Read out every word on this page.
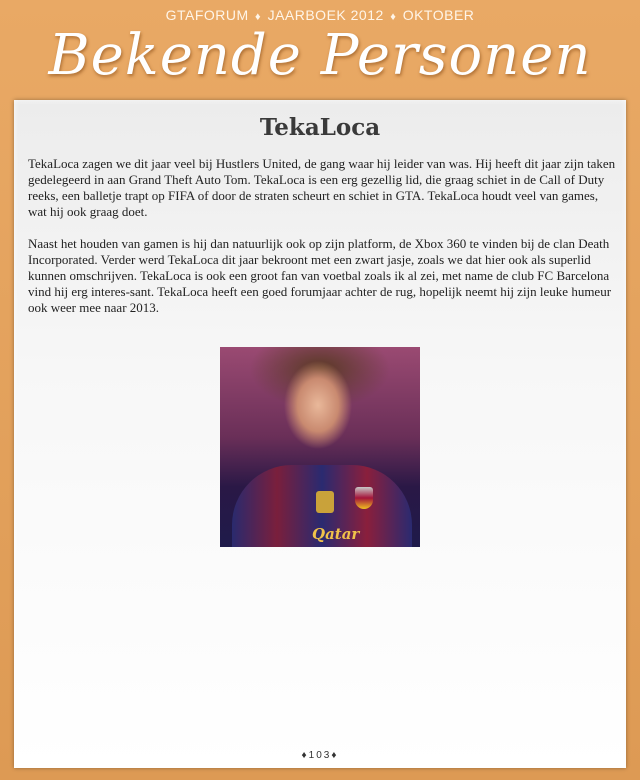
GTAFORUM ♦ JAARBOEK 2012 ♦ OKTOBER
Bekende Personen
TekaLoca

TekaLoca zagen we dit jaar veel bij Hustlers United, de gang waar hij leider van was. Hij heeft dit jaar zijn taken gedelegeerd in aan Grand Theft Auto Tom. TekaLoca is een erg gezellig lid, die graag schiet in de Call of Duty reeks, een balletje trapt op FIFA of door de straten scheurt en schiet in GTA. TekaLoca houdt veel van games, wat hij ook graag doet.

Naast het houden van gamen is hij dan natuurlijk ook op zijn platform, de Xbox 360 te vinden bij de clan Death Incorporated. Verder werd TekaLoca dit jaar bekroont met een zwart jasje, zoals we dat hier ook als superlid kunnen omschrijven. TekaLoca is ook een groot fan van voetbal zoals ik al zei, met name de club FC Barcelona vind hij erg interes-sant. TekaLoca heeft een goed forumjaar achter de rug, hopelijk neemt hij zijn leuke humeur ook weer mee naar 2013.

Qatar
♦103♦
